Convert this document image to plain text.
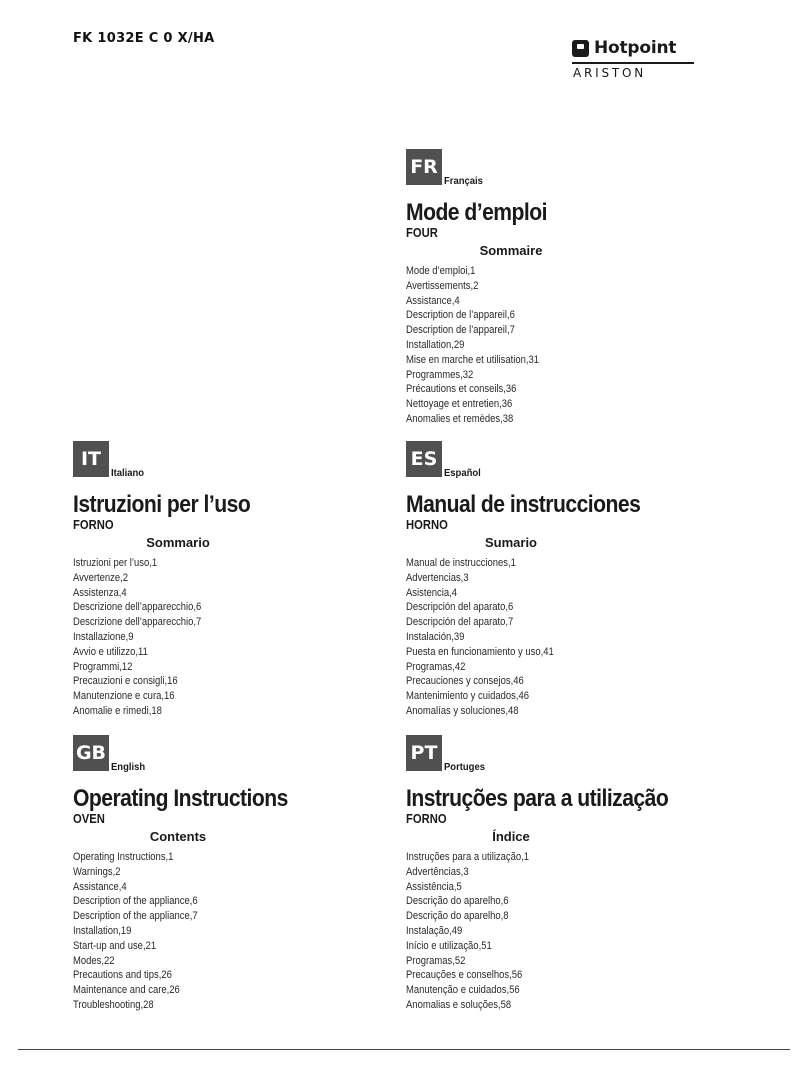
FK 1032E C 0 X/HA	Hotpoint
ARISTON
FR
Français
Mode d’emploi
FOUR
Sommaire
Mode d’emploi,1
Avertissements,2
Assistance,4
Description de l’appareil,6
Description de l’appareil,7
Installation,29
Mise en marche et utilisation,31
Programmes,32
Précautions et conseils,36
Nettoyage et entretien,36
Anomalies et remèdes,38
IT
Italiano
Istruzioni per l’uso
FORNO
Sommario
Istruzioni per l’uso,1
Avvertenze,2
Assistenza,4
Descrizione dell’apparecchio,6
Descrizione dell’apparecchio,7
Installazione,9
Avvio e utilizzo,11
Programmi,12
Precauzioni e consigli,16
Manutenzione e cura,16
Anomalie e rimedi,18
ES
Español
Manual de instrucciones
HORNO
Sumario
Manual de instrucciones,1
Advertencias,3
Asistencia,4
Descripción del aparato,6
Descripción del aparato,7
Instalación,39
Puesta en funcionamiento y uso,41
Programas,42
Precauciones y consejos,46
Mantenimiento y cuidados,46
Anomalías y soluciones,48
GB
English
Operating Instructions
OVEN
Contents
Operating Instructions,1
Warnings,2
Assistance,4
Description of the appliance,6
Description of the appliance,7
Installation,19
Start-up and use,21
Modes,22
Precautions and tips,26
Maintenance and care,26
Troubleshooting,28
PT
Portuges
Instruções para a utilização
FORNO
Índice
Instruções para a utilização,1
Advertências,3
Assistência,5
Descrição do aparelho,6
Descrição do aparelho,8
Instalação,49
Início e utilização,51
Programas,52
Precauções e conselhos,56
Manutenção e cuidados,56
Anomalias e soluções,58
